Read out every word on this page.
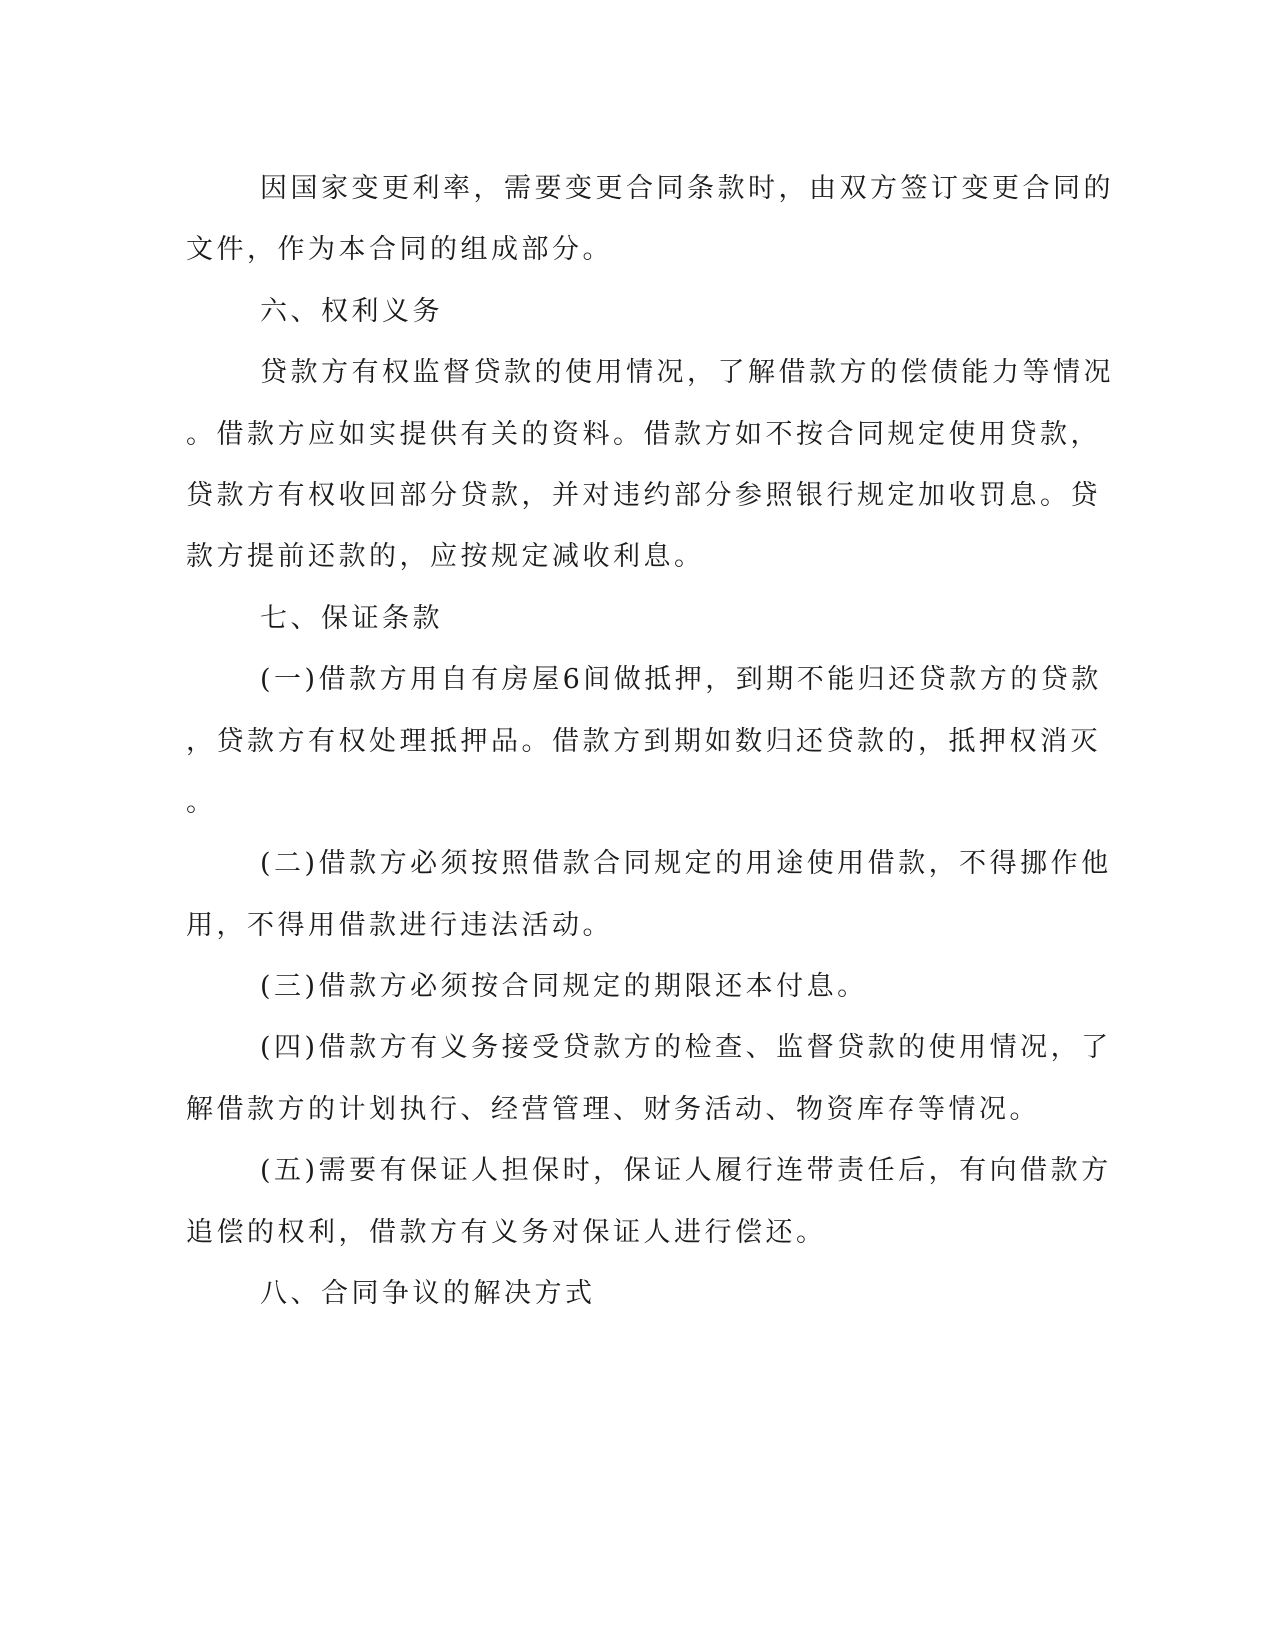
因国家变更利率，需要变更合同条款时，由双方签订变更合同的
文件，作为本合同的组成部分。
六、权利义务
贷款方有权监督贷款的使用情况，了解借款方的偿债能力等情况
。借款方应如实提供有关的资料。借款方如不按合同规定使用贷款，
贷款方有权收回部分贷款，并对违约部分参照银行规定加收罚息。贷
款方提前还款的，应按规定减收利息。
七、保证条款
(一)借款方用自有房屋6间做抵押，到期不能归还贷款方的贷款
，贷款方有权处理抵押品。借款方到期如数归还贷款的，抵押权消灭
。
(二)借款方必须按照借款合同规定的用途使用借款，不得挪作他
用，不得用借款进行违法活动。
(三)借款方必须按合同规定的期限还本付息。
(四)借款方有义务接受贷款方的检查、监督贷款的使用情况，了
解借款方的计划执行、经营管理、财务活动、物资库存等情况。
(五)需要有保证人担保时，保证人履行连带责任后，有向借款方
追偿的权利，借款方有义务对保证人进行偿还。
八、合同争议的解决方式
